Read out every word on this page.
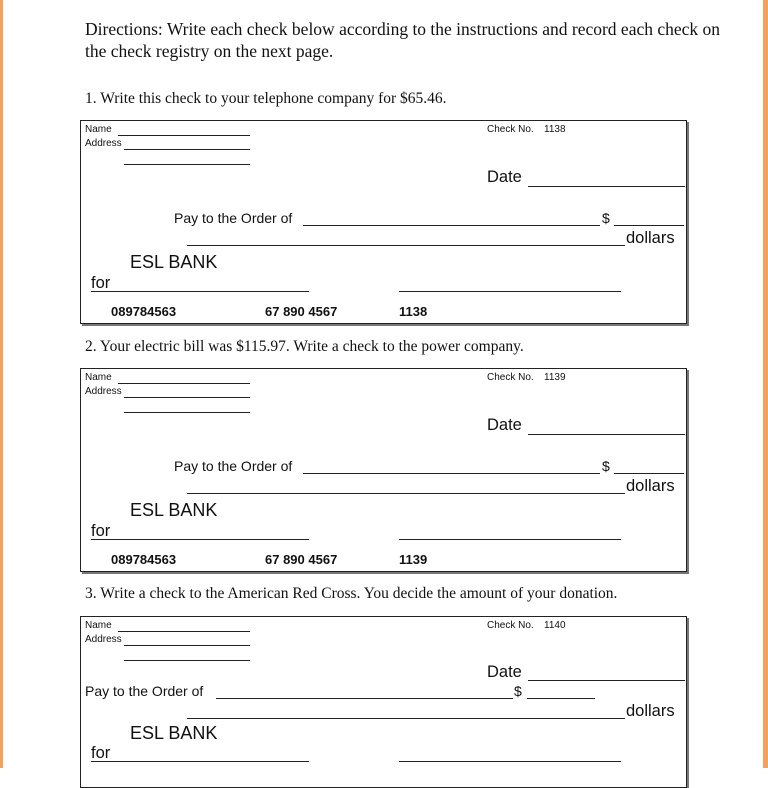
Directions: Write each check below according to the instructions and record each check on the check registry on the next page.
1. Write this check to your telephone company for $65.46.
Name
Address
Check No. 1138
Date
Pay to the Order of	$
dollars
ESL BANK
for
089784563	67 890 4567	1138
2. Your electric bill was $115.97. Write a check to the power company.
Name
Address
Check No. 1139
Date
Pay to the Order of	$
dollars
ESL BANK
for
089784563	67 890 4567	1139
3. Write a check to the American Red Cross. You decide the amount of your donation.
Name
Address
Check No. 1140
Date
Pay to the Order of	$
dollars
ESL BANK
for
